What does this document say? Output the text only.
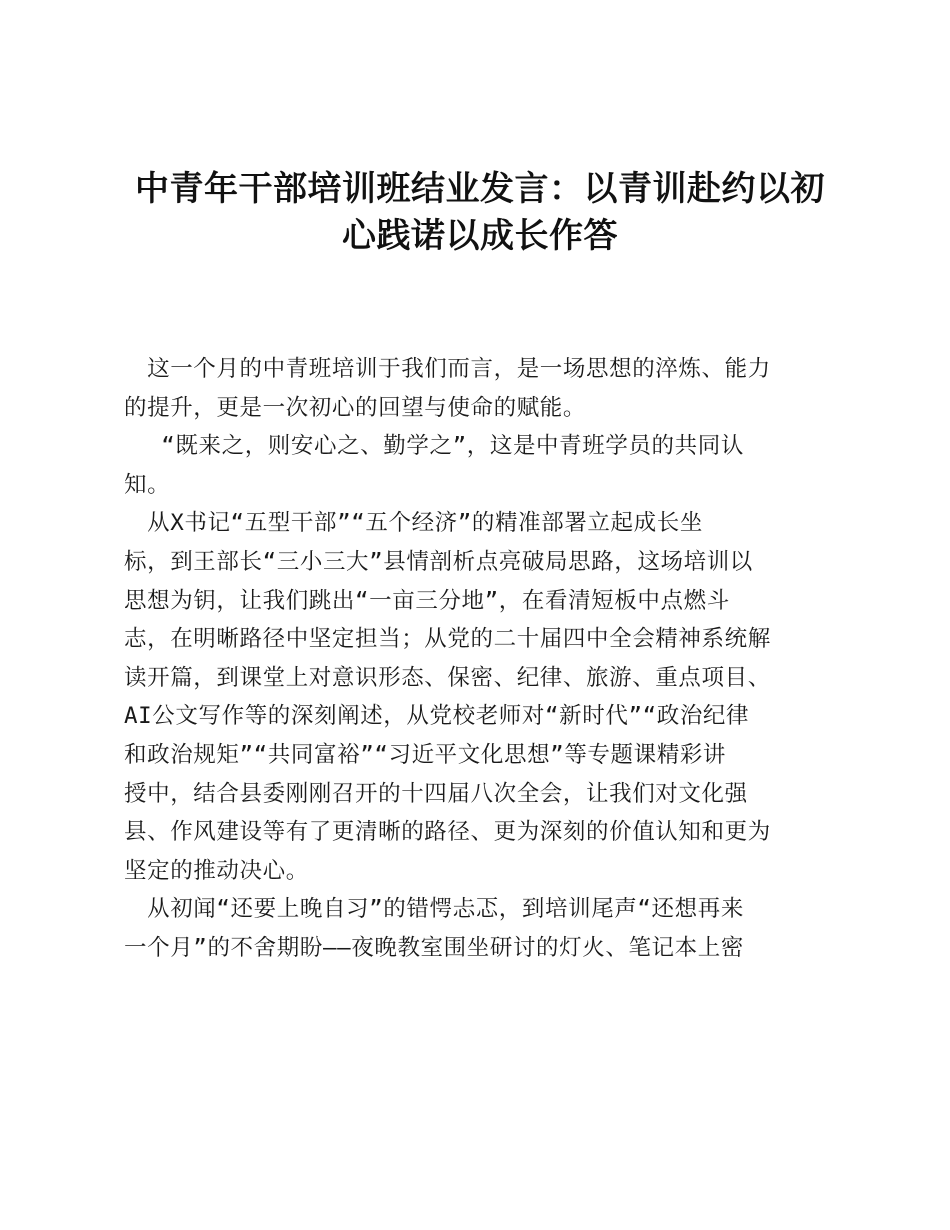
中青年干部培训班结业发言：以青训赴约以初
心践诺以成长作答
　这一个月的中青班培训于我们而言，是一场思想的淬炼、能力
的提升，更是一次初心的回望与使命的赋能。
　 “既来之，则安心之、勤学之”，这是中青班学员的共同认
知。
　从X书记“五型干部”“五个经济”的精准部署立起成长坐
标，到王部长“三小三大”县情剖析点亮破局思路，这场培训以
思想为钥，让我们跳出“一亩三分地”，在看清短板中点燃斗
志，在明晰路径中坚定担当；从党的二十届四中全会精神系统解
读开篇，到课堂上对意识形态、保密、纪律、旅游、重点项目、
AI公文写作等的深刻阐述，从党校老师对“新时代”“政治纪律
和政治规矩”“共同富裕”“习近平文化思想”等专题课精彩讲
授中，结合县委刚刚召开的十四届八次全会，让我们对文化强
县、作风建设等有了更清晰的路径、更为深刻的价值认知和更为
坚定的推动决心。
　从初闻“还要上晚自习”的错愕忐忑，到培训尾声“还想再来
一个月”的不舍期盼——夜晚教室围坐研讨的灯火、笔记本上密
